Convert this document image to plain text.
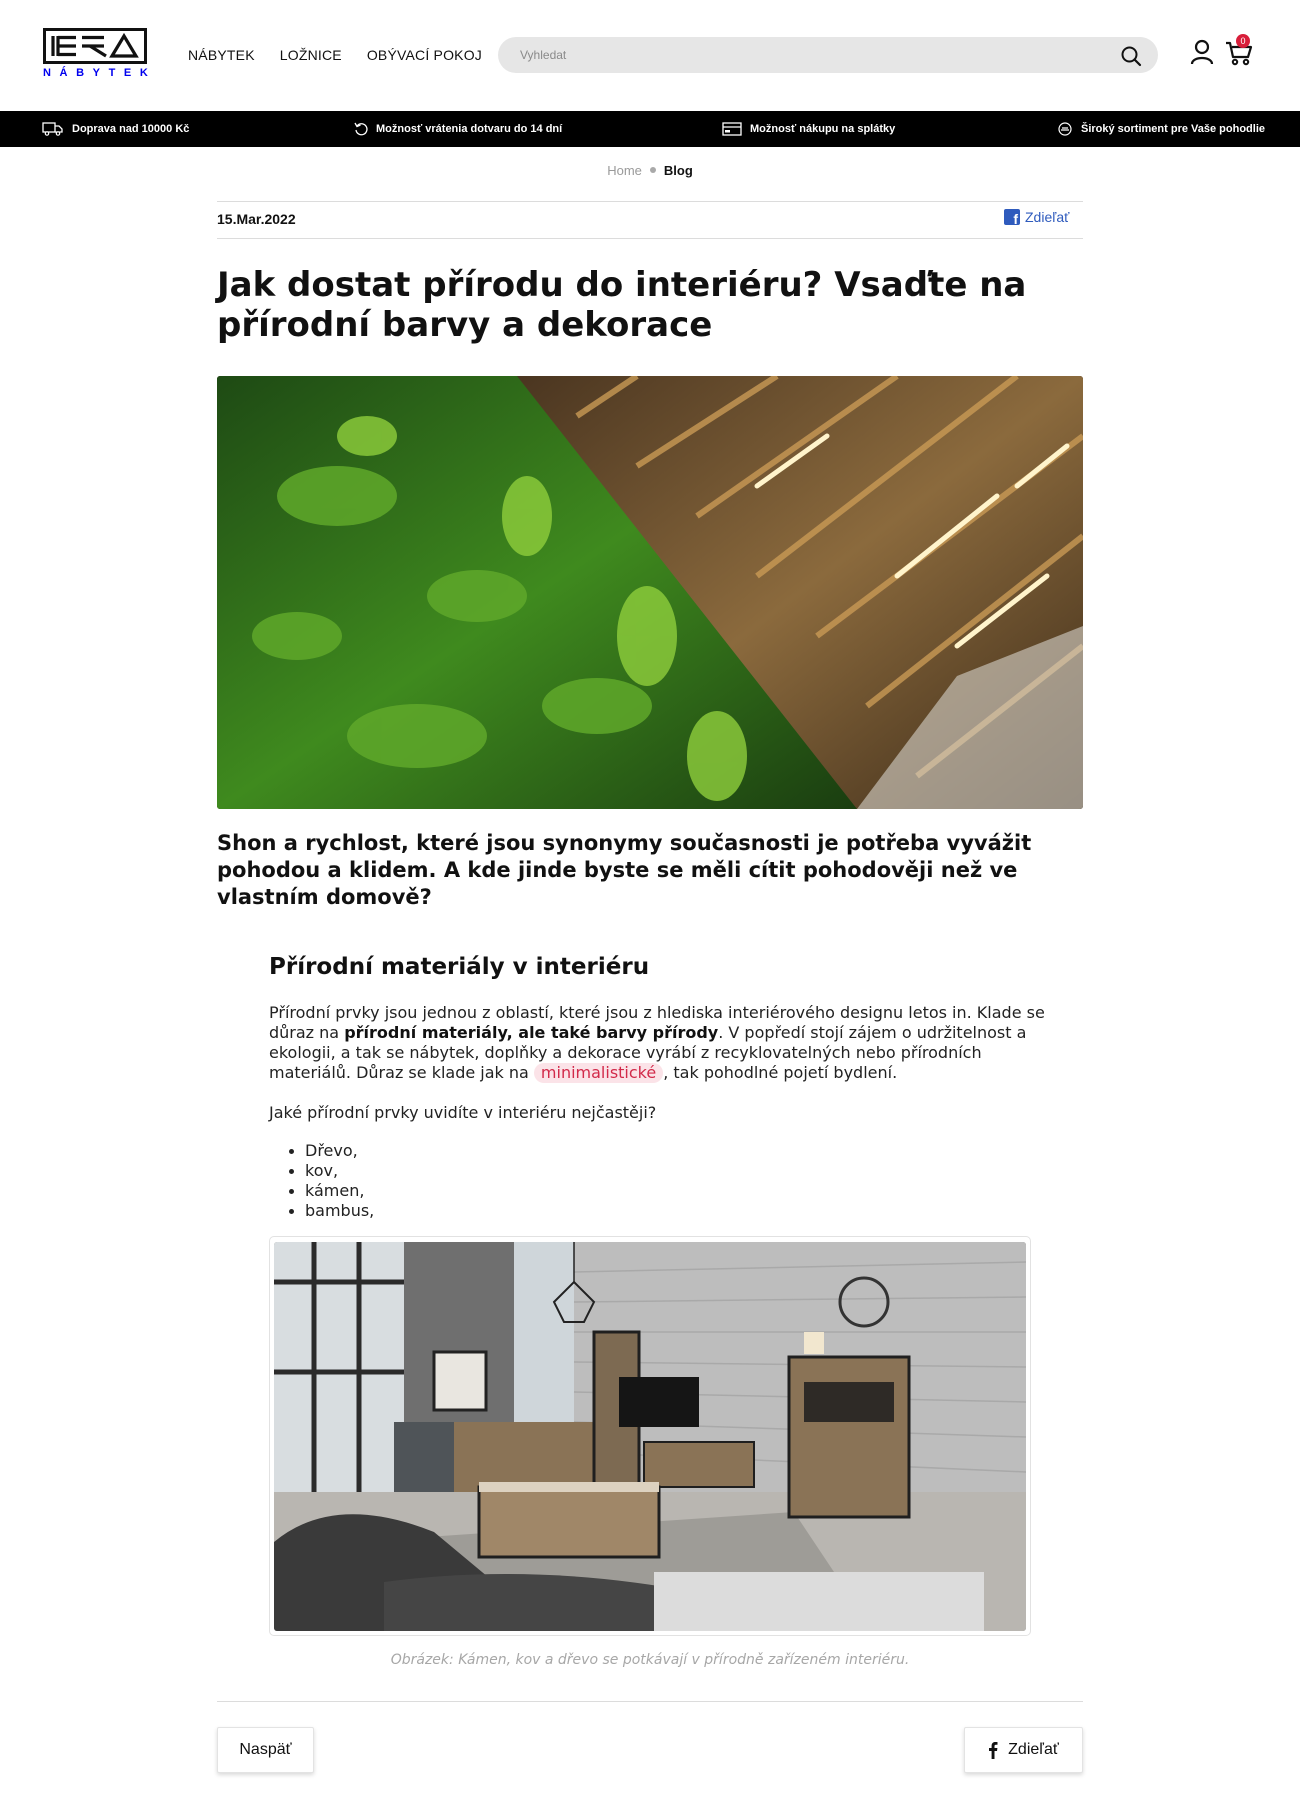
NÁBYTEK
NÁBYTEK LOŽNICE OBÝVACÍ POKOJ
Vyhledat
0
Doprava nad 10000 Kč	Možnosť vrátenia dotvaru do 14 dní	Možnosť nákupu na splátky	Široký sortiment pre Vaše pohodlie
Home Blog
15.Mar.2022	f Zdieľať
Jak dostat přírodu do interiéru? Vsaďte na přírodní barvy a dekorace

Shon a rychlost, které jsou synonymy současnosti je potřeba vyvážit pohodou a klidem. A kde jinde byste se měli cítit pohodověji než ve vlastním domově?

Přírodní materiály v interiéru

Přírodní prvky jsou jednou z oblastí, které jsou z hlediska interiérového designu letos in. Klade se důraz na přírodní materiály, ale také barvy přírody. V popředí stojí zájem o udržitelnost a ekologii, a tak se nábytek, doplňky a dekorace vyrábí z recyklovatelných nebo přírodních materiálů. Důraz se klade jak na minimalistické , tak pohodlné pojetí bydlení.

Jaké přírodní prvky uvidíte v interiéru nejčastěji?

Dřevo,
kov,
kámen,
bambus,

Obrázek: Kámen, kov a dřevo se potkávají v přírodně zařízeném interiéru.

Naspäť	Zdieľať
